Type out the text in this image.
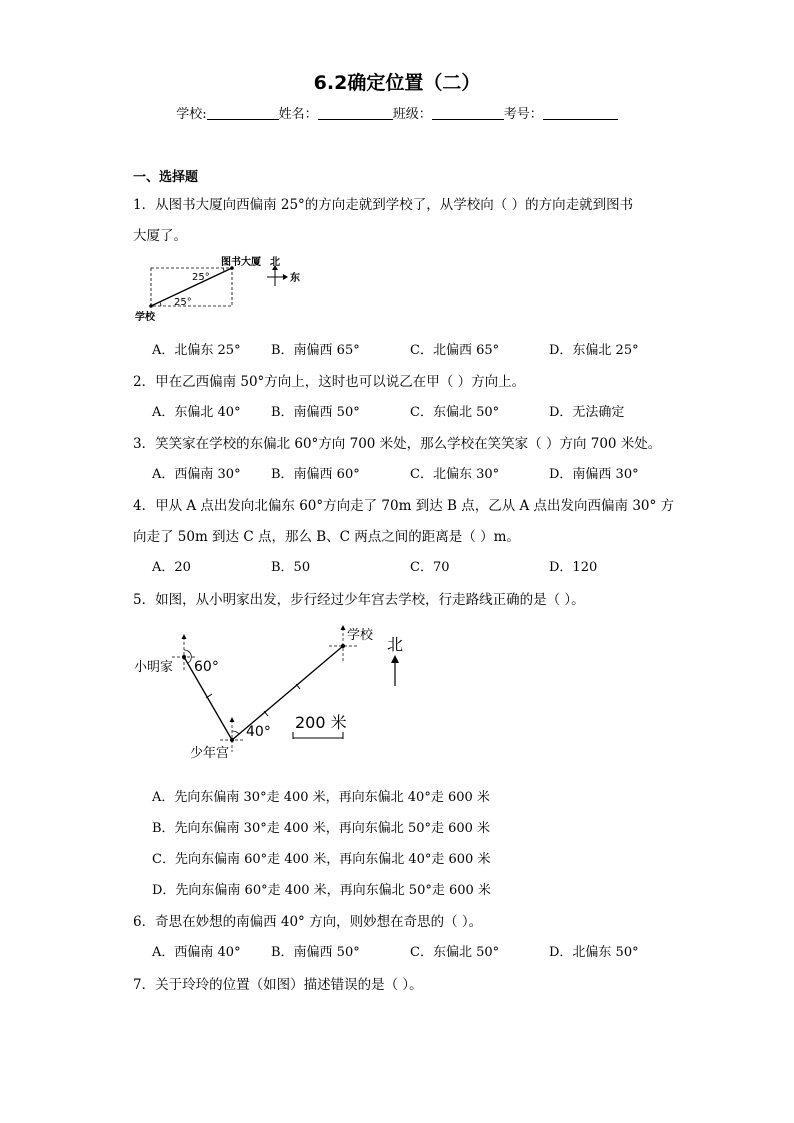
6.2确定位置（二）
学校:	姓名：	班级：	考号：
一、选择题
1．从图书大厦向西偏南 25°的方向走就到学校了，从学校向（ ）的方向走就到图书
大厦了。
图书大厦
25°
25°
学校
北
东
A．北偏东 25° B．南偏西 65°	C．北偏西 65°	D．东偏北 25°
2．甲在乙西偏南 50°方向上，这时也可以说乙在甲（ ）方向上。
A．东偏北 40° B．南偏西 50°	C．东偏北 50°	D．无法确定
3．笑笑家在学校的东偏北 60°方向 700 米处，那么学校在笑笑家（ ）方向 700 米处。
A．西偏南 30° B．南偏西 60°	C．北偏东 30°	D．南偏西 30°
4．甲从 A 点出发向北偏东 60°方向走了 70m 到达 B 点，乙从 A 点出发向西偏南 30° 方
向走了 50m 到达 C 点，那么 B、C 两点之间的距离是（ ）m。
A．20	B．50	C．70	D．120
5．如图，从小明家出发，步行经过少年宫去学校，行走路线正确的是（ ）。
小明家 60°
少年宫
40°
学校 北
200 米
A．先向东偏南 30°走 400 米，再向东偏北 40°走 600 米
B．先向东偏南 30°走 400 米，再向东偏北 50°走 600 米
C．先向东偏南 60°走 400 米，再向东偏北 40°走 600 米
D．先向东偏南 60°走 400 米，再向东偏北 50°走 600 米
6．奇思在妙想的南偏西 40° 方向，则妙想在奇思的（ ）。
A．西偏南 40° B．南偏西 50°	C．东偏北 50°	D．北偏东 50°
7．关于玲玲的位置（如图）描述错误的是（ ）。
